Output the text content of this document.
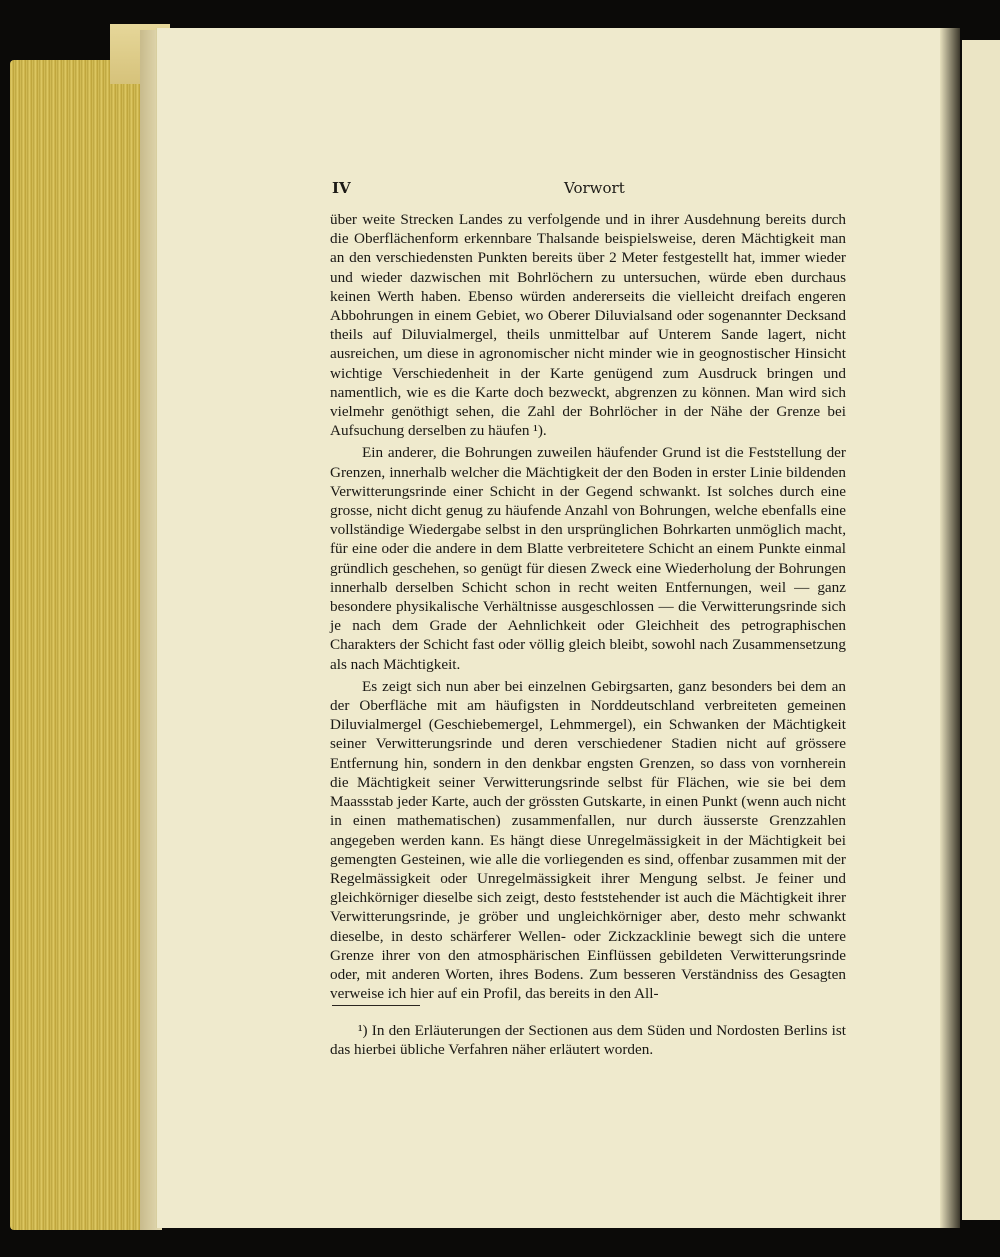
IV	Vorwort

über weite Strecken Landes zu verfolgende und in ihrer Ausdehnung bereits durch die Oberflächenform erkennbare Thalsande beispielsweise, deren Mächtigkeit man an den verschiedensten Punkten bereits über 2 Meter festgestellt hat, immer wieder und wieder dazwischen mit Bohrlöchern zu untersuchen, würde eben durchaus keinen Werth haben. Ebenso würden andererseits die vielleicht dreifach engeren Abbohrungen in einem Gebiet, wo Oberer Diluvialsand oder sogenannter Decksand theils auf Diluvialmergel, theils unmittelbar auf Unterem Sande lagert, nicht ausreichen, um diese in agronomischer nicht minder wie in geognostischer Hinsicht wichtige Verschiedenheit in der Karte genügend zum Ausdruck bringen und namentlich, wie es die Karte doch bezweckt, abgrenzen zu können. Man wird sich vielmehr genöthigt sehen, die Zahl der Bohrlöcher in der Nähe der Grenze bei Aufsuchung derselben zu häufen ¹).

Ein anderer, die Bohrungen zuweilen häufender Grund ist die Feststellung der Grenzen, innerhalb welcher die Mächtigkeit der den Boden in erster Linie bildenden Verwitterungsrinde einer Schicht in der Gegend schwankt. Ist solches durch eine grosse, nicht dicht genug zu häufende Anzahl von Bohrungen, welche ebenfalls eine vollständige Wiedergabe selbst in den ursprünglichen Bohrkarten unmöglich macht, für eine oder die andere in dem Blatte verbreitetere Schicht an einem Punkte einmal gründlich geschehen, so genügt für diesen Zweck eine Wiederholung der Bohrungen innerhalb derselben Schicht schon in recht weiten Entfernungen, weil — ganz besondere physikalische Verhältnisse ausgeschlossen — die Verwitterungsrinde sich je nach dem Grade der Aehnlichkeit oder Gleichheit des petrographischen Charakters der Schicht fast oder völlig gleich bleibt, sowohl nach Zusammensetzung als nach Mächtigkeit.

Es zeigt sich nun aber bei einzelnen Gebirgsarten, ganz besonders bei dem an der Oberfläche mit am häufigsten in Norddeutschland verbreiteten gemeinen Diluvialmergel (Geschiebemergel, Lehmmergel), ein Schwanken der Mächtigkeit seiner Verwitterungsrinde und deren verschiedener Stadien nicht auf grössere Entfernung hin, sondern in den denkbar engsten Grenzen, so dass von vornherein die Mächtigkeit seiner Verwitterungsrinde selbst für Flächen, wie sie bei dem Maassstab jeder Karte, auch der grössten Gutskarte, in einen Punkt (wenn auch nicht in einen mathematischen) zusammenfallen, nur durch äusserste Grenzzahlen angegeben werden kann. Es hängt diese Unregelmässigkeit in der Mächtigkeit bei gemengten Gesteinen, wie alle die vorliegenden es sind, offenbar zusammen mit der Regelmässigkeit oder Unregelmässigkeit ihrer Mengung selbst. Je feiner und gleichkörniger dieselbe sich zeigt, desto feststehender ist auch die Mächtigkeit ihrer Verwitterungsrinde, je gröber und ungleichkörniger aber, desto mehr schwankt dieselbe, in desto schärferer Wellen- oder Zickzacklinie bewegt sich die untere Grenze ihrer von den atmosphärischen Einflüssen gebildeten Verwitterungsrinde oder, mit anderen Worten, ihres Bodens. Zum besseren Verständniss des Gesagten verweise ich hier auf ein Profil, das bereits in den All-

¹) In den Erläuterungen der Sectionen aus dem Süden und Nordosten Berlins ist das hierbei übliche Verfahren näher erläutert worden.
